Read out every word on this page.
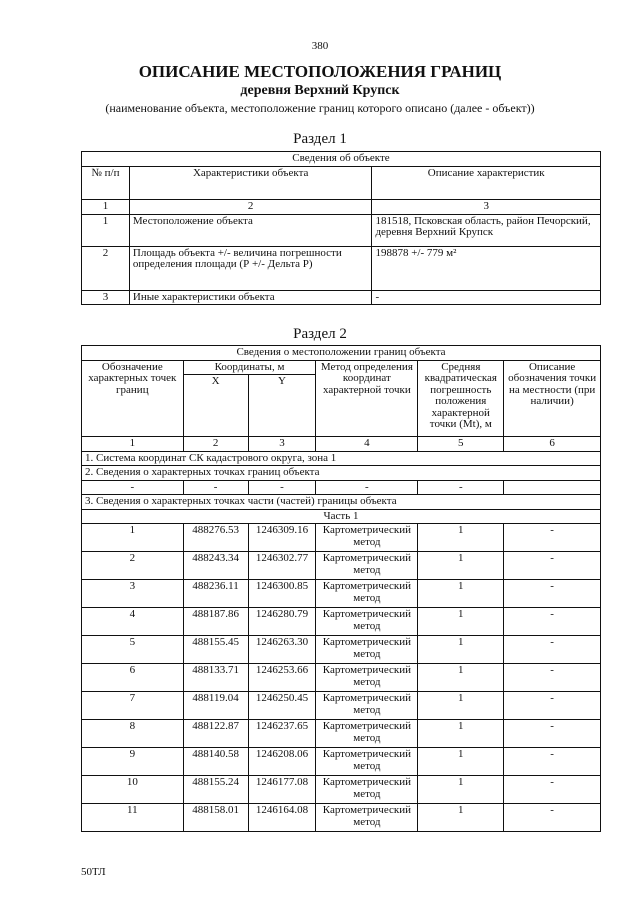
380
ОПИСАНИЕ МЕСТОПОЛОЖЕНИЯ ГРАНИЦ
деревня Верхний Крупск
(наименование объекта, местоположение границ которого описано (далее - объект))
Раздел 1
Сведения об объекте		
№ п/п	Характеристики объекта	Описание характеристик
1	2	3
1	Местоположение объекта	181518, Псковская область, район Печорский, деревня Верхний Крупск
2	Площадь объекта +/- величина погрешности определения площади (Р +/- Дельта Р)	198878 +/- 779 м²
3	Иные характеристики объекта	-
Раздел 2
Сведения о местоположении границ объекта					
Обозначение характерных точек границ	Координаты, м		Метод определения координат характерной точки	Средняя квадратическая погрешность положения характерной точки (Mt), м	Описание обозначения точки на местности (при наличии)
	X	Y			
1	2	3	4	5	6
1. Система координат СК кадастрового округа, зона 1					
2. Сведения о характерных точках границ объекта					
-	-	-	-	-	
3. Сведения о характерных точках части (частей) границы объекта					
Часть 1					
1	488276.53	1246309.16	Картометрический метод	1	-
2	488243.34	1246302.77	Картометрический метод	1	-
3	488236.11	1246300.85	Картометрический метод	1	-
4	488187.86	1246280.79	Картометрический метод	1	-
5	488155.45	1246263.30	Картометрический метод	1	-
6	488133.71	1246253.66	Картометрический метод	1	-
7	488119.04	1246250.45	Картометрический метод	1	-
8	488122.87	1246237.65	Картометрический метод	1	-
9	488140.58	1246208.06	Картометрический метод	1	-
10	488155.24	1246177.08	Картометрический метод	1	-
11	488158.01	1246164.08	Картометрический метод	1	-
50ТЛ
